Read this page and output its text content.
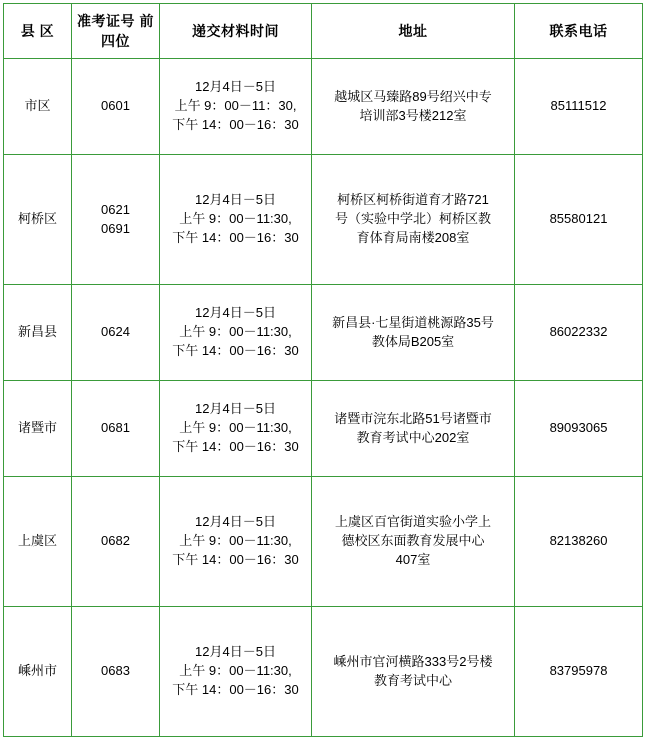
县 区	准考证号 前四位	递交材料时间	地址	联系电话
市区	0601	12月4日－5日
上午 9：00－11：30,
下午 14：00－16：30	越城区马臻路89号绍兴中专
培训部3号楼212室	85111512
柯桥区	0621
0691	12月4日－5日
上午 9：00－11:30,
下午 14：00－16：30	柯桥区柯桥街道育才路721
号（实验中学北）柯桥区教
育体育局南楼208室	85580121
新昌县	0624	12月4日－5日
上午 9：00－11:30,
下午 14：00－16：30	新昌县·七星街道桃源路35号
教体局B205室	86022332
诸暨市	0681	12月4日－5日
上午 9：00－11:30,
下午 14：00－16：30	诸暨市浣东北路51号诸暨市
教育考试中心202室	89093065
上虞区	0682	12月4日－5日
上午 9：00－11:30,
下午 14：00－16：30	上虞区百官街道实验小学上
德校区东面教育发展中心
407室	82138260
嵊州市	0683	12月4日－5日
上午 9：00－11:30,
下午 14：00－16：30	嵊州市官河横路333号2号楼
教育考试中心	83795978
